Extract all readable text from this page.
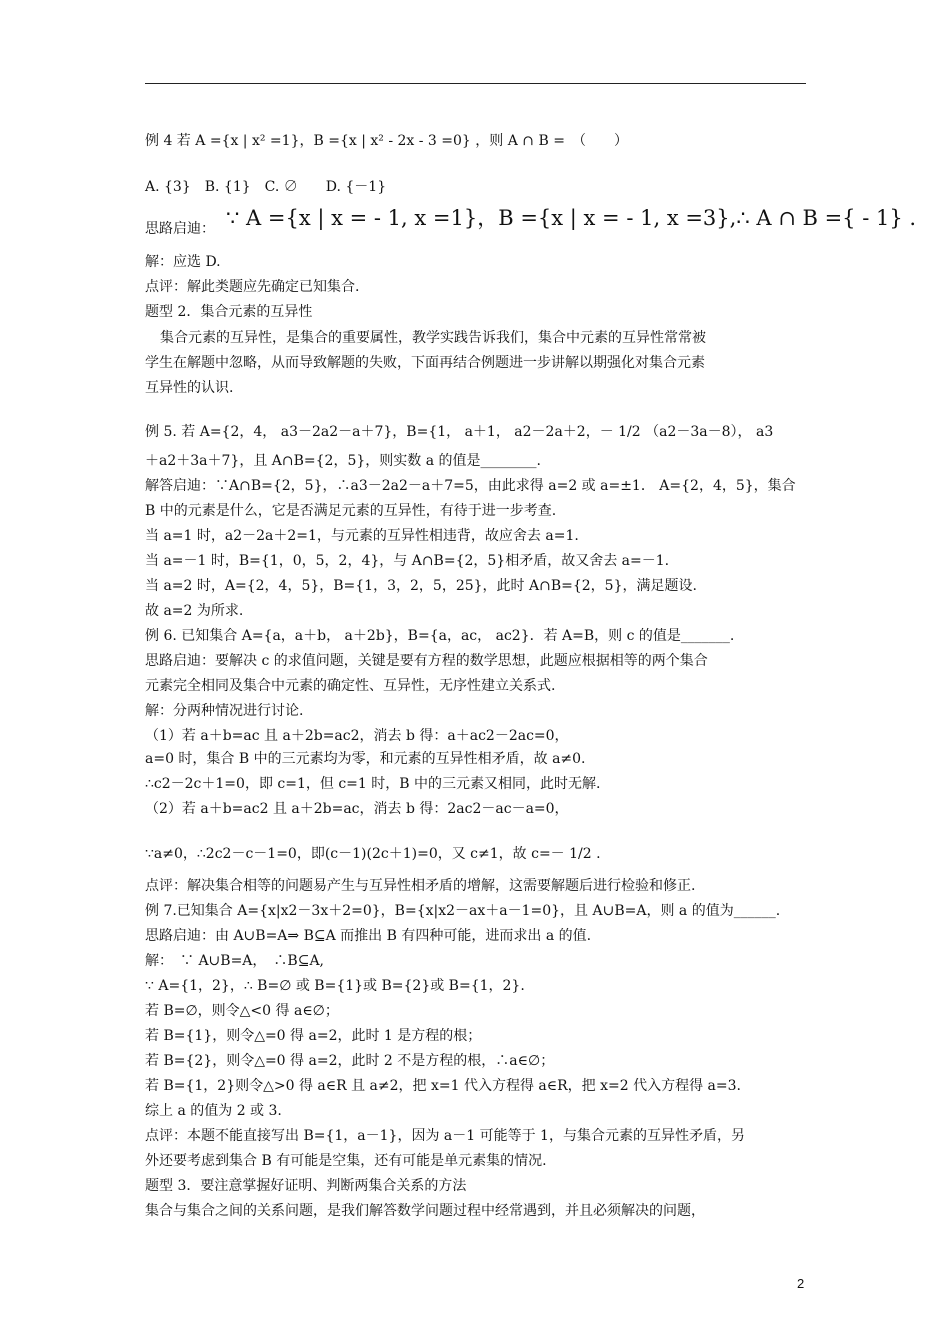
例 4 若 A ={x | x² =1}，B ={x | x² - 2x - 3 =0} ，则 A ∩ B =　（　　）
A. {3}　B. {1}　C. ∅　　D. {－1}
思路启迪：
解：应选 D.
点评：解此类题应先确定已知集合.
题型 2．集合元素的互异性
集合元素的互异性，是集合的重要属性，教学实践告诉我们，集合中元素的互异性常常被
学生在解题中忽略，从而导致解题的失败，下面再结合例题进一步讲解以期强化对集合元素
互异性的认识.
例 5. 若 A={2，4， a3－2a2－a＋7}，B={1， a＋1， a2－2a＋2，－ 1/2 （a2－3a－8）， a3
＋a2＋3a＋7}，且 A∩B={2，5}，则实数 a 的值是________.
解答启迪：∵A∩B={2，5}，∴a3－2a2－a＋7=5，由此求得 a=2 或 a=±1． A={2，4，5}，集合
B 中的元素是什么，它是否满足元素的互异性，有待于进一步考查.
当 a=1 时，a2－2a＋2=1，与元素的互异性相违背，故应舍去 a=1.
当 a=－1 时，B={1，0，5，2，4}，与 A∩B={2，5}相矛盾，故又舍去 a=－1.
当 a=2 时，A={2，4，5}，B={1，3，2，5，25}，此时 A∩B={2，5}，满足题设.
故 a=2 为所求.
例 6. 已知集合 A={a，a＋b， a＋2b}，B={a，ac， ac2}．若 A=B，则 c 的值是_______.
思路启迪：要解决 c 的求值问题，关键是要有方程的数学思想，此题应根据相等的两个集合
元素完全相同及集合中元素的确定性、互异性，无序性建立关系式.
解：分两种情况进行讨论.
（1）若 a＋b=ac 且 a＋2b=ac2，消去 b 得：a＋ac2－2ac=0，
a=0 时，集合 B 中的三元素均为零，和元素的互异性相矛盾，故 a≠0.
∴c2－2c＋1=0，即 c=1，但 c=1 时，B 中的三元素又相同，此时无解.
（2）若 a＋b=ac2 且 a＋2b=ac，消去 b 得：2ac2－ac－a=0，
∵a≠0，∴2c2－c－1=0，即(c－1)(2c＋1)=0，又 c≠1，故 c=－ 1/2 .
点评：解决集合相等的问题易产生与互异性相矛盾的增解，这需要解题后进行检验和修正.
例 7.已知集合 A={x|x2－3x＋2=0}，B={x|x2－ax＋a－1=0}，且 A∪B=A，则 a 的值为______.
思路启迪：由 A∪B=A⇒ B⊆A 而推出 B 有四种可能，进而求出 a 的值.
解：　∵ A∪B=A，　∴B⊆A,
∵ A={1，2}，∴ B=∅ 或 B={1}或 B={2}或 B={1，2}.
若 B=∅，则令△<0 得 a∈∅；
若 B={1}，则令△=0 得 a=2，此时 1 是方程的根；
若 B={2}，则令△=0 得 a=2，此时 2 不是方程的根，∴a∈∅；
若 B={1，2}则令△>0 得 a∈R 且 a≠2，把 x=1 代入方程得 a∈R，把 x=2 代入方程得 a=3.
综上 a 的值为 2 或 3.
点评：本题不能直接写出 B={1，a－1}，因为 a－1 可能等于 1，与集合元素的互异性矛盾，另
外还要考虑到集合 B 有可能是空集，还有可能是单元素集的情况.
题型 3．要注意掌握好证明、判断两集合关系的方法
集合与集合之间的关系问题，是我们解答数学问题过程中经常遇到，并且必须解决的问题，
∵ A ={x | x = - 1, x =1}，B ={x | x = - 1, x =3},∴ A ∩ B ={ - 1} .
2
